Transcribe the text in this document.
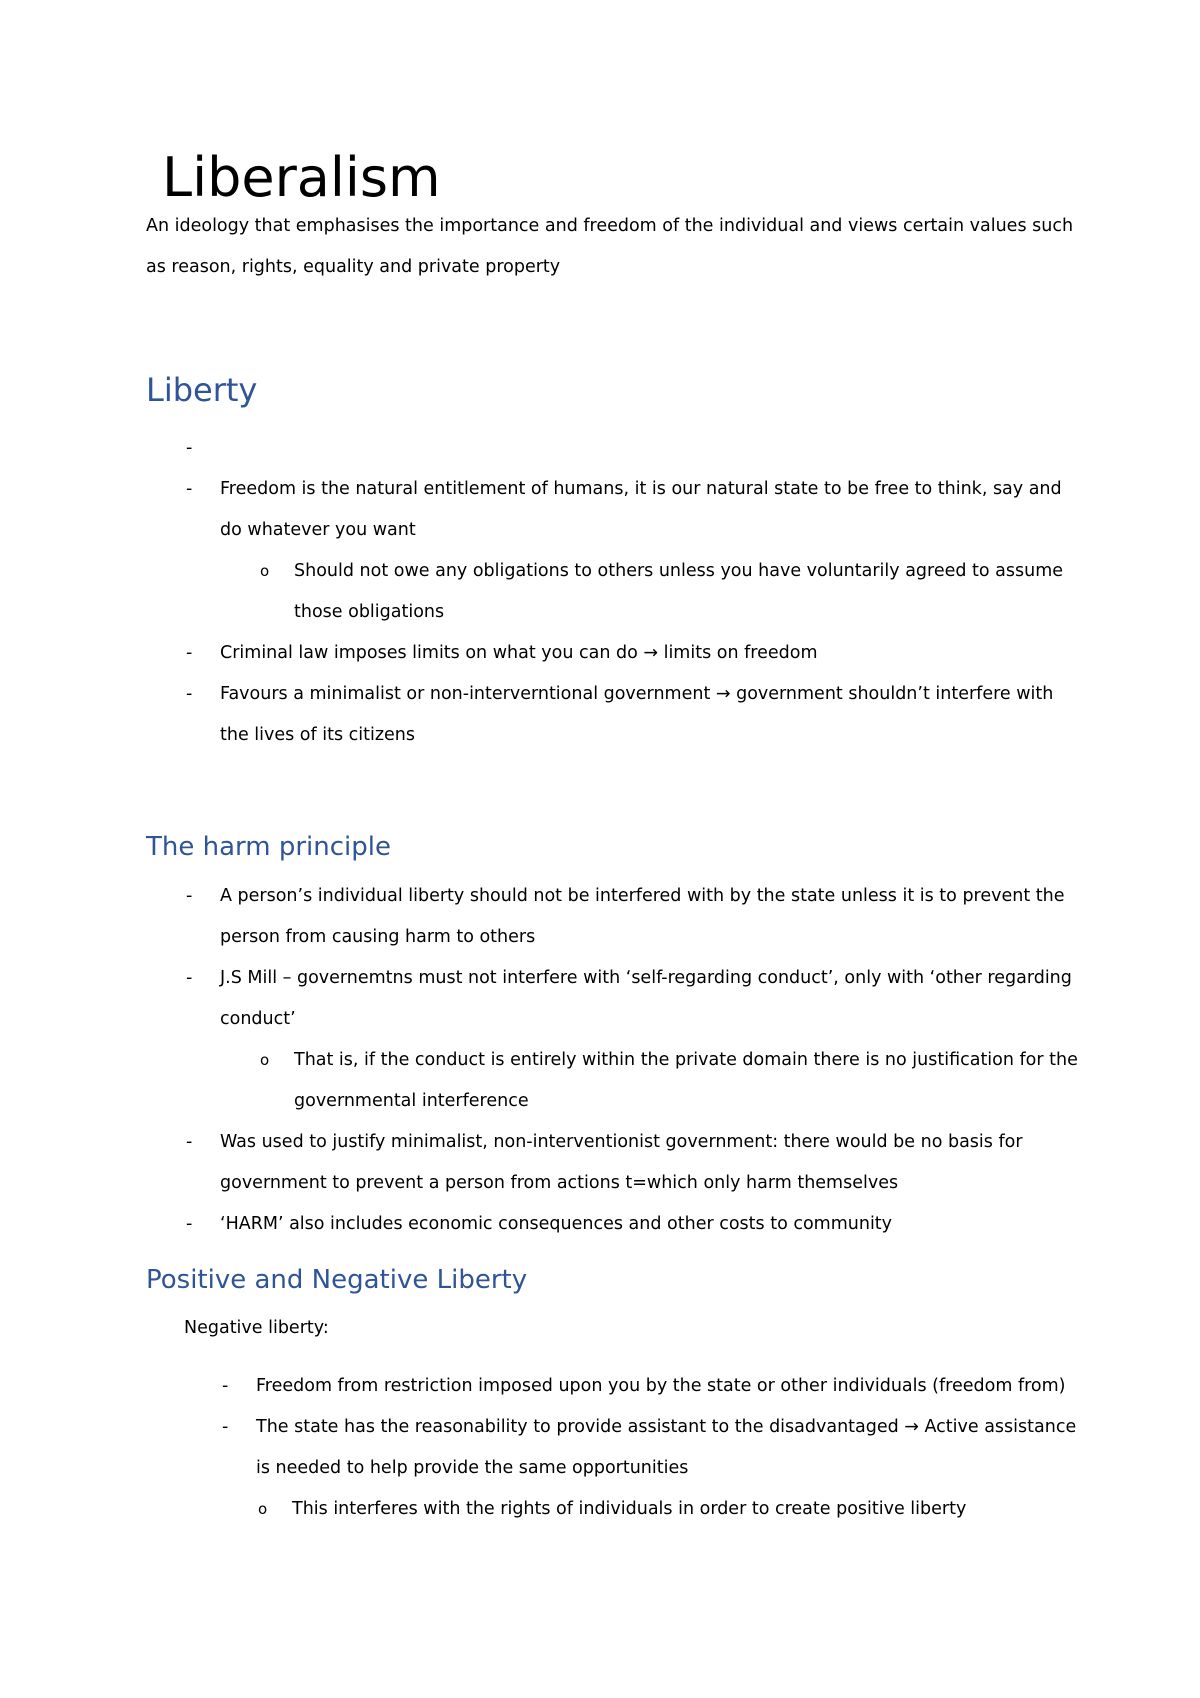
Liberalism

An ideology that emphasises the importance and freedom of the individual and views certain values such as reason, rights, equality and private property

Liberty
-

- Freedom is the natural entitlement of humans, it is our natural state to be free to think, say and do whatever you want
o Should not owe any obligations to others unless you have voluntarily agreed to assume those obligations
- Criminal law imposes limits on what you can do → limits on freedom
- Favours a minimalist or non-interverntional government → government shouldn’t interfere with the lives of its citizens
The harm principle
- A person’s individual liberty should not be interfered with by the state unless it is to prevent the person from causing harm to others
- J.S Mill – governemtns must not interfere with ‘self-regarding conduct’, only with ‘other regarding conduct’
o That is, if the conduct is entirely within the private domain there is no justification for the governmental interference
- Was used to justify minimalist, non-interventionist government: there would be no basis for government to prevent a person from actions t=which only harm themselves
- ‘HARM’ also includes economic consequences and other costs to community
Positive and Negative Liberty

Negative liberty:

- Freedom from restriction imposed upon you by the state or other individuals (freedom from)
- The state has the reasonability to provide assistant to the disadvantaged → Active assistance is needed to help provide the same opportunities
o This interferes with the rights of individuals in order to create positive liberty
